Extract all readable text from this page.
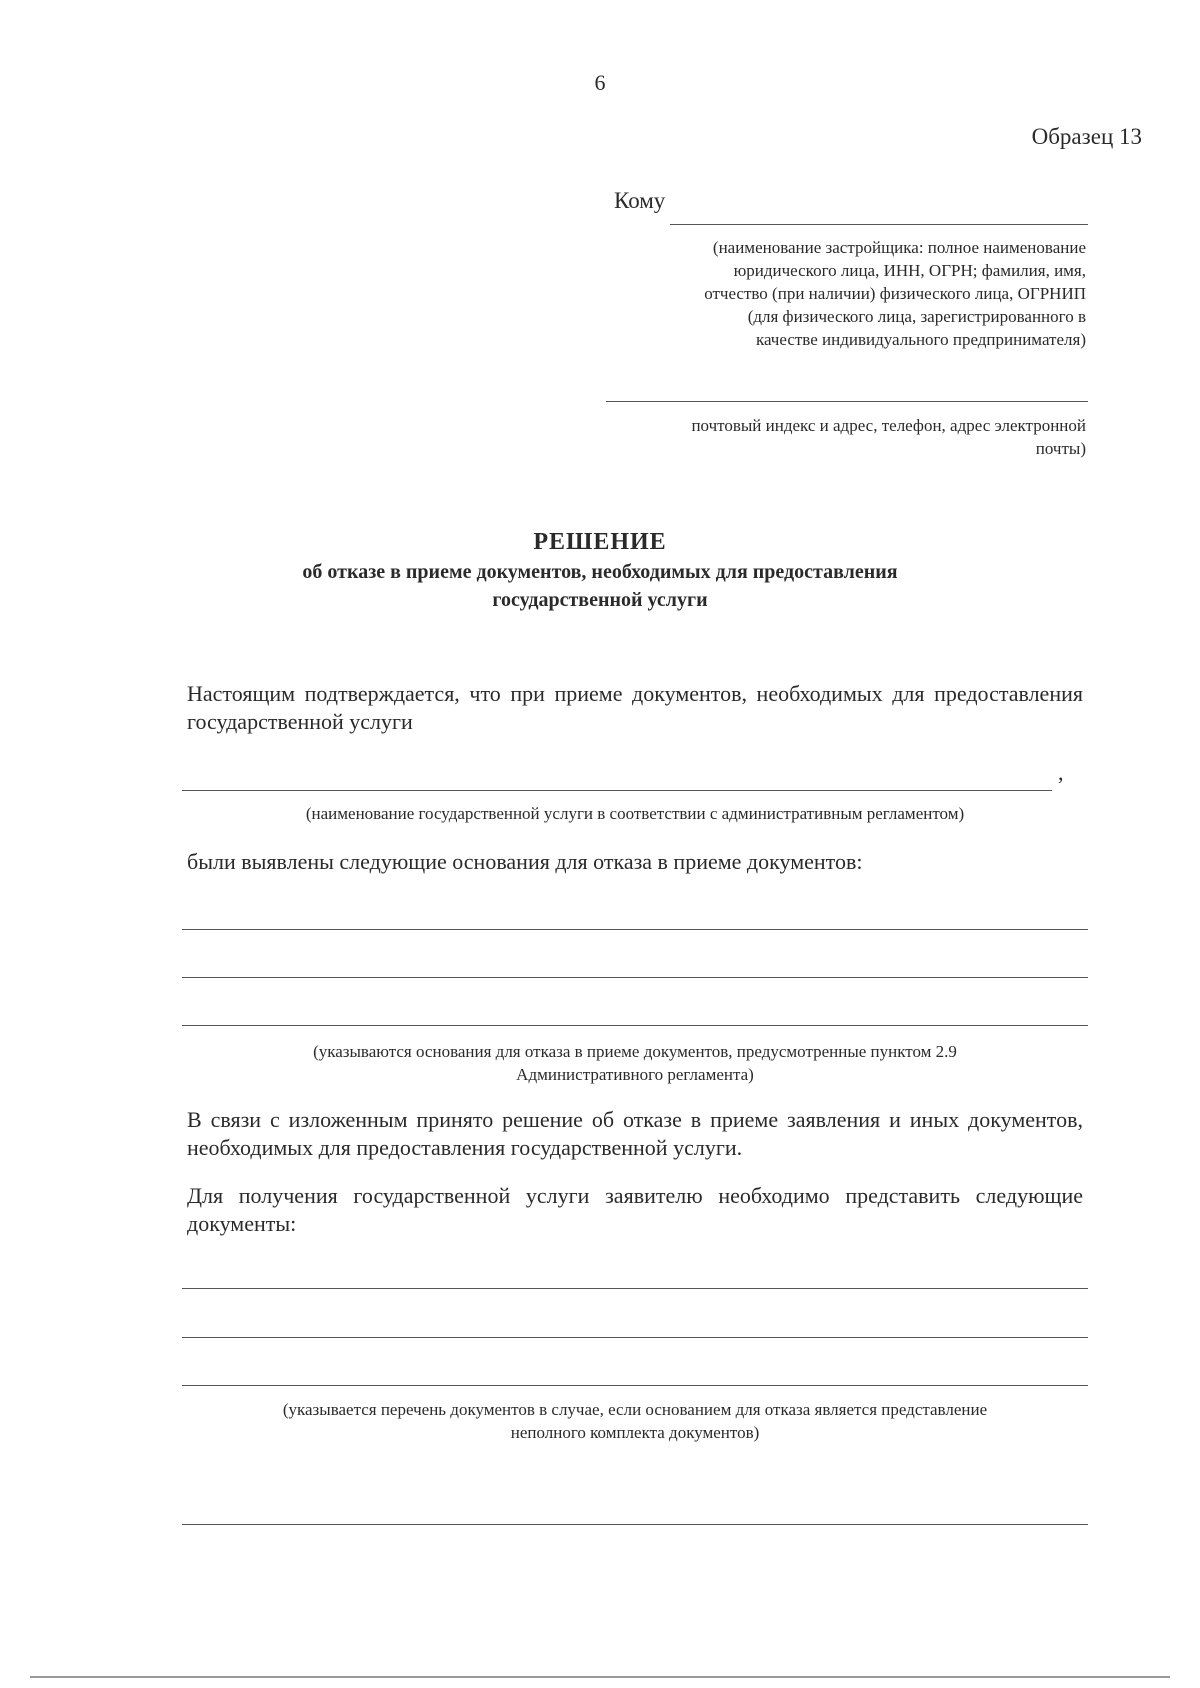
6
Образец 13
Кому
(наименование застройщика: полное наименование
юридического лица, ИНН, ОГРН; фамилия, имя,
отчество (при наличии) физического лица, ОГРНИП
(для физического лица, зарегистрированного в
качестве индивидуального предпринимателя)
почтовый индекс и адрес, телефон, адрес электронной
почты)
РЕШЕНИЕ
об отказе в приеме документов, необходимых для предоставления
государственной услуги
Настоящим подтверждается, что при приеме документов, необходимых для предоставления государственной услуги
,
(наименование государственной услуги в соответствии с административным регламентом)
были выявлены следующие основания для отказа в приеме документов:
(указываются основания для отказа в приеме документов, предусмотренные пунктом 2.9
Административного регламента)
В связи с изложенным принято решение об отказе в приеме заявления и иных документов, необходимых для предоставления государственной услуги.
Для получения государственной услуги заявителю необходимо представить следующие документы:
(указывается перечень документов в случае, если основанием для отказа является представление
неполного комплекта документов)
